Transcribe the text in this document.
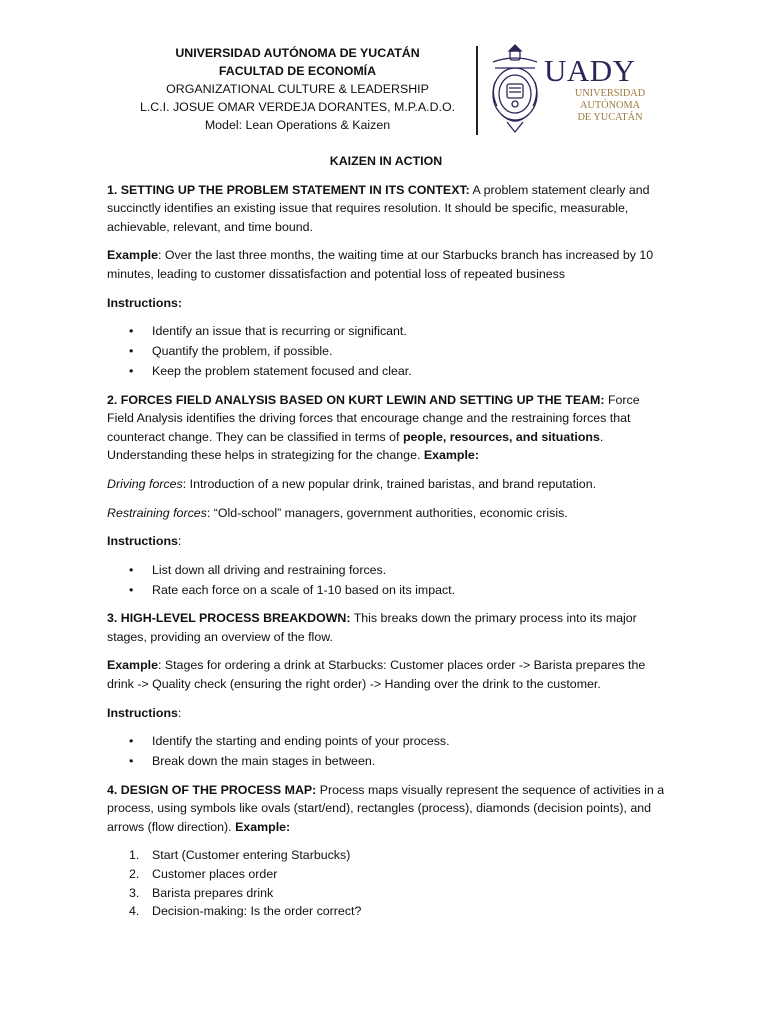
UNIVERSIDAD AUTÓNOMA DE YUCATÁN
FACULTAD DE ECONOMÍA
ORGANIZATIONAL CULTURE & LEADERSHIP
L.C.I. JOSUE OMAR VERDEJA DORANTES, M.P.A.D.O.
Model: Lean Operations & Kaizen
UADY
UNIVERSIDAD
AUTÓNOMA
DE YUCATÁN
KAIZEN IN ACTION

1. SETTING UP THE PROBLEM STATEMENT IN ITS CONTEXT: A problem statement clearly and succinctly identifies an existing issue that requires resolution. It should be specific, measurable, achievable, relevant, and time bound.

Example: Over the last three months, the waiting time at our Starbucks branch has increased by 10 minutes, leading to customer dissatisfaction and potential loss of repeated business

Instructions:

• Identify an issue that is recurring or significant.
• Quantify the problem, if possible.
• Keep the problem statement focused and clear.

2. FORCES FIELD ANALYSIS BASED ON KURT LEWIN AND SETTING UP THE TEAM: Force Field Analysis identifies the driving forces that encourage change and the restraining forces that counteract change. They can be classified in terms of people, resources, and situations. Understanding these helps in strategizing for the change. Example:

Driving forces: Introduction of a new popular drink, trained baristas, and brand reputation.

Restraining forces: “Old-school” managers, government authorities, economic crisis.

Instructions:

• List down all driving and restraining forces.
• Rate each force on a scale of 1-10 based on its impact.

3. HIGH-LEVEL PROCESS BREAKDOWN: This breaks down the primary process into its major stages, providing an overview of the flow.

Example: Stages for ordering a drink at Starbucks: Customer places order -> Barista prepares the drink -> Quality check (ensuring the right order) -> Handing over the drink to the customer.

Instructions:

• Identify the starting and ending points of your process.
• Break down the main stages in between.

4. DESIGN OF THE PROCESS MAP: Process maps visually represent the sequence of activities in a process, using symbols like ovals (start/end), rectangles (process), diamonds (decision points), and arrows (flow direction). Example:

1. Start (Customer entering Starbucks)
2. Customer places order
3. Barista prepares drink
4. Decision-making: Is the order correct?
